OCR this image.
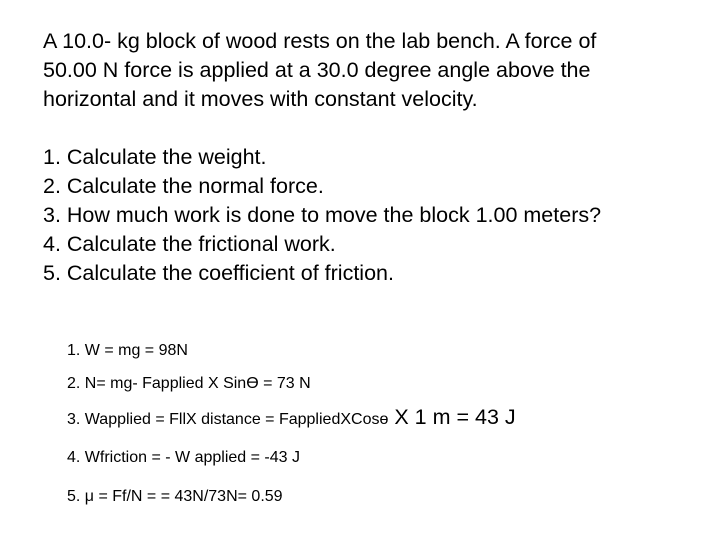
A 10.0- kg block of wood rests on the lab bench. A force of

50.00 N force is applied at a 30.0 degree angle above the

horizontal and it moves with constant velocity.

1. Calculate the weight.
2. Calculate the normal force.
3. How much work is done to move the block 1.00 meters?
4. Calculate the frictional work.
5. Calculate the coefficient of friction.
1. W = mg = 98N
2. N= mg- Fapplied X SinӨ = 73 N
3. Wapplied = FllX distance = FappliedXCosө X 1 m = 43 J
4. Wfriction = - W applied = -43 J
5. μ = Ff/N = = 43N/73N= 0.59
